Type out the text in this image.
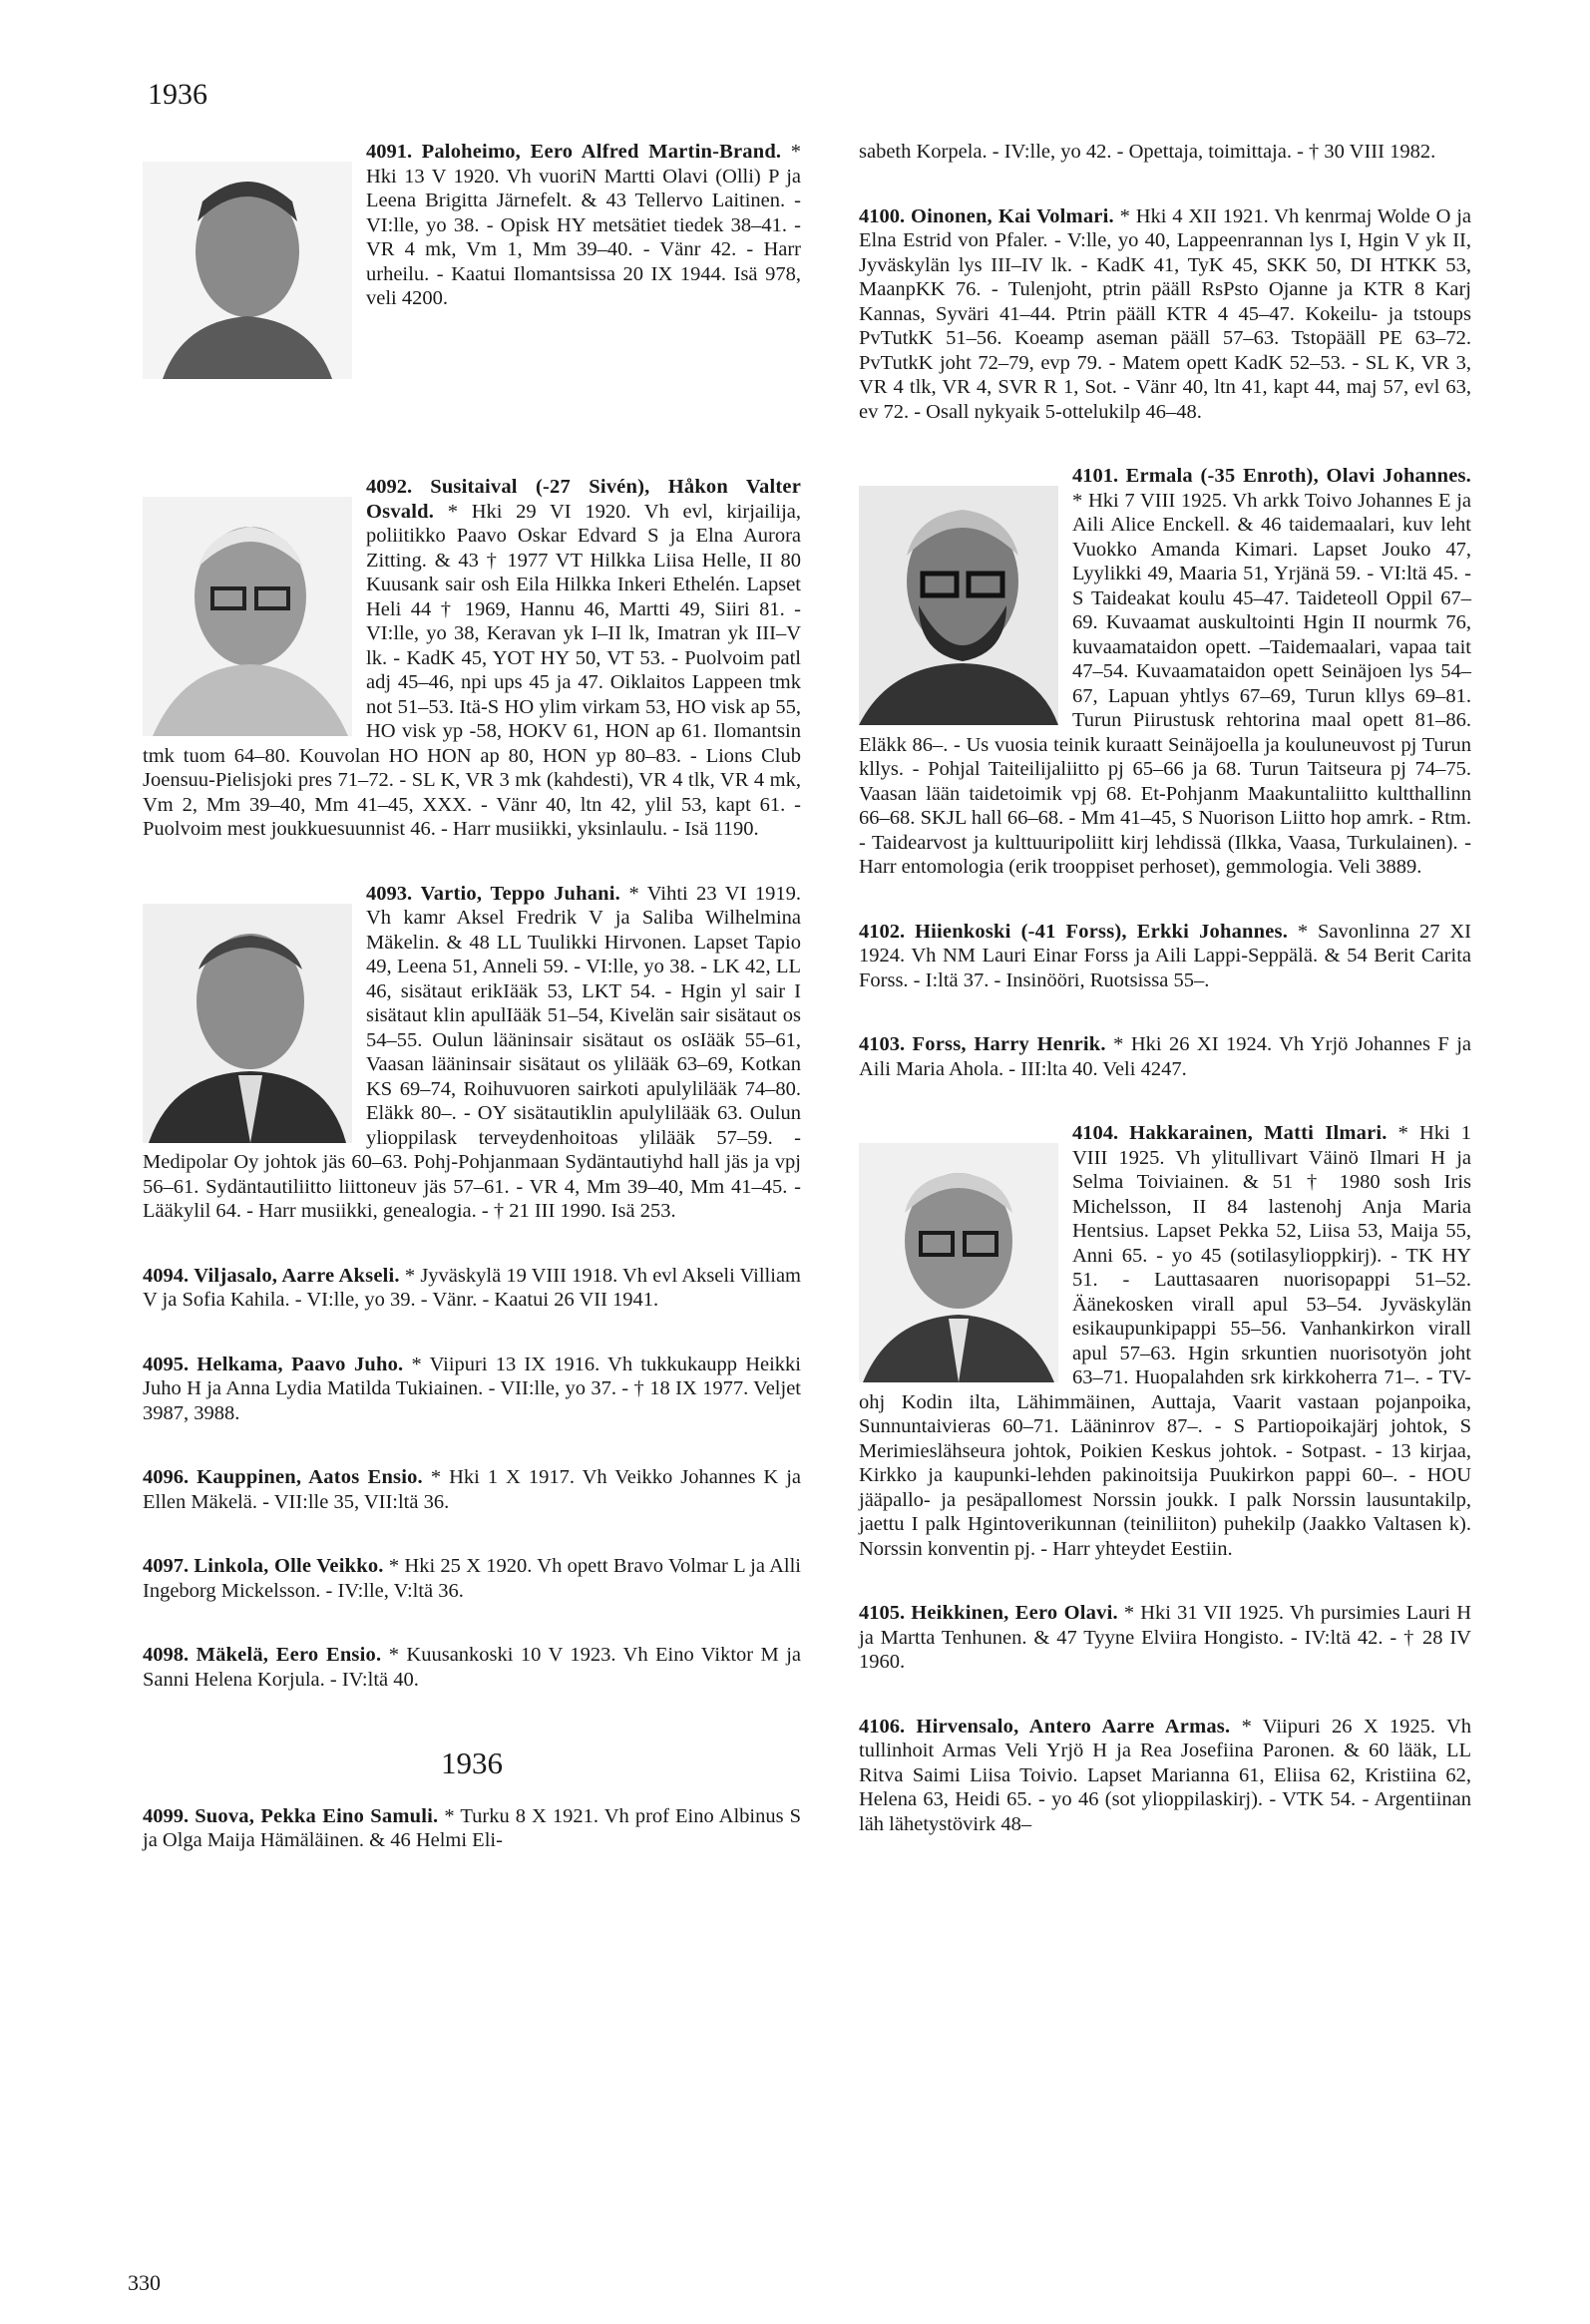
1936
4091. Paloheimo, Eero Alfred Martin-Brand. * Hki 13 V 1920. Vh vuoriN Martti Olavi (Olli) P ja Leena Brigitta Järnefelt. & 43 Tellervo Laitinen. - VI:lle, yo 38. - Opisk HY metsätiet tiedek 38–41. - VR 4 mk, Vm 1, Mm 39–40. - Vänr 42. - Harr urheilu. - Kaatui Ilomantsissa 20 IX 1944. Isä 978, veli 4200.
4092. Susitaival (-27 Sivén), Håkon Valter Osvald. * Hki 29 VI 1920. Vh evl, kirjailija, poliitikko Paavo Oskar Edvard S ja Elna Aurora Zitting. & 43 † 1977 VT Hilkka Liisa Helle, II 80 Kuusank sair osh Eila Hilkka Inkeri Ethelén. Lapset Heli 44 † 1969, Hannu 46, Martti 49, Siiri 81. - VI:lle, yo 38, Keravan yk I–II lk, Imatran yk III–V lk. - KadK 45, YOT HY 50, VT 53. - Puolvoim patl adj 45–46, npi ups 45 ja 47. Oiklaitos Lappeen tmk not 51–53. Itä-S HO ylim virkam 53, HO visk ap 55, HO visk yp -58, HOKV 61, HON ap 61. Ilomantsin tmk tuom 64–80. Kouvolan HO HON ap 80, HON yp 80–83. - Lions Club Joensuu-Pielisjoki pres 71–72. - SL K, VR 3 mk (kahdesti), VR 4 tlk, VR 4 mk, Vm 2, Mm 39–40, Mm 41–45, XXX. - Vänr 40, ltn 42, ylil 53, kapt 61. - Puolvoim mest joukkuesuunnist 46. - Harr musiikki, yksinlaulu. - Isä 1190.
4093. Vartio, Teppo Juhani. * Vihti 23 VI 1919. Vh kamr Aksel Fredrik V ja Saliba Wilhelmina Mäkelin. & 48 LL Tuulikki Hirvonen. Lapset Tapio 49, Leena 51, Anneli 59. - VI:lle, yo 38. - LK 42, LL 46, sisätaut erikIääk 53, LKT 54. - Hgin yl sair I sisätaut klin apulIääk 51–54, Kivelän sair sisätaut os 54–55. Oulun lääninsair sisätaut os osIääk 55–61, Vaasan lääninsair sisätaut os ylilääk 63–69, Kotkan KS 69–74, Roihuvuoren sairkoti apulylilääk 74–80. Eläkk 80–. - OY sisätautiklin apulylilääk 63. Oulun ylioppilask terveydenhoitoas ylilääk 57–59. - Medipolar Oy johtok jäs 60–63. Pohj-Pohjanmaan Sydäntautiyhd hall jäs ja vpj 56–61. Sydäntautiliitto liittoneuv jäs 57–61. - VR 4, Mm 39–40, Mm 41–45. - Lääkylil 64. - Harr musiikki, genealogia. - † 21 III 1990. Isä 253.
4094. Viljasalo, Aarre Akseli. * Jyväskylä 19 VIII 1918. Vh evl Akseli Villiam V ja Sofia Kahila. - VI:lle, yo 39. - Vänr. - Kaatui 26 VII 1941.
4095. Helkama, Paavo Juho. * Viipuri 13 IX 1916. Vh tukkukaupp Heikki Juho H ja Anna Lydia Matilda Tukiainen. - VII:lle, yo 37. - † 18 IX 1977. Veljet 3987, 3988.
4096. Kauppinen, Aatos Ensio. * Hki 1 X 1917. Vh Veikko Johannes K ja Ellen Mäkelä. - VII:lle 35, VII:ltä 36.
4097. Linkola, Olle Veikko. * Hki 25 X 1920. Vh opett Bravo Volmar L ja Alli Ingeborg Mickelsson. - IV:lle, V:ltä 36.
4098. Mäkelä, Eero Ensio. * Kuusankoski 10 V 1923. Vh Eino Viktor M ja Sanni Helena Korjula. - IV:ltä 40.
1936
4099. Suova, Pekka Eino Samuli. * Turku 8 X 1921. Vh prof Eino Albinus S ja Olga Maija Hämäläinen. & 46 Helmi Eli-
sabeth Korpela. - IV:lle, yo 42. - Opettaja, toimittaja. - † 30 VIII 1982.
4100. Oinonen, Kai Volmari. * Hki 4 XII 1921. Vh kenrmaj Wolde O ja Elna Estrid von Pfaler. - V:lle, yo 40, Lappeenrannan lys I, Hgin V yk II, Jyväskylän lys III–IV lk. - KadK 41, TyK 45, SKK 50, DI HTKK 53, MaanpKK 76. - Tulenjoht, ptrin pääll RsPsto Ojanne ja KTR 8 Karj Kannas, Syväri 41–44. Ptrin pääll KTR 4 45–47. Kokeilu- ja tstoups PvTutkK 51–56. Koeamp aseman pääll 57–63. Tstopääll PE 63–72. PvTutkK joht 72–79, evp 79. - Matem opett KadK 52–53. - SL K, VR 3, VR 4 tlk, VR 4, SVR R 1, Sot. - Vänr 40, ltn 41, kapt 44, maj 57, evl 63, ev 72. - Osall nykyaik 5-ottelukilp 46–48.
4101. Ermala (-35 Enroth), Olavi Johannes. * Hki 7 VIII 1925. Vh arkk Toivo Johannes E ja Aili Alice Enckell. & 46 taidemaalari, kuv leht Vuokko Amanda Kimari. Lapset Jouko 47, Lyylikki 49, Maaria 51, Yrjänä 59. - VI:ltä 45. - S Taideakat koulu 45–47. Taideteoll Oppil 67–69. Kuvaamat auskultointi Hgin II nourmk 76, kuvaamataidon opett. –Taidemaalari, vapaa tait 47–54. Kuvaamataidon opett Seinäjoen lys 54–67, Lapuan yhtlys 67–69, Turun kllys 69–81. Turun Piirustusk rehtorina maal opett 81–86. Eläkk 86–. - Us vuosia teinik kuraatt Seinäjoella ja kouluneuvost pj Turun kllys. - Pohjal Taiteilijaliitto pj 65–66 ja 68. Turun Taitseura pj 74–75. Vaasan lään taidetoimik vpj 68. Et-Pohjanm Maakuntaliitto kultthallinn 66–68. SKJL hall 66–68. - Mm 41–45, S Nuorison Liitto hop amrk. - Rtm. - Taidearvost ja kulttuuripoliitt kirj lehdissä (Ilkka, Vaasa, Turkulainen). - Harr entomologia (erik trooppiset perhoset), gemmologia. Veli 3889.
4102. Hiienkoski (-41 Forss), Erkki Johannes. * Savonlinna 27 XI 1924. Vh NM Lauri Einar Forss ja Aili Lappi-Seppälä. & 54 Berit Carita Forss. - I:ltä 37. - Insinööri, Ruotsissa 55–.
4103. Forss, Harry Henrik. * Hki 26 XI 1924. Vh Yrjö Johannes F ja Aili Maria Ahola. - III:lta 40. Veli 4247.
4104. Hakkarainen, Matti Ilmari. * Hki 1 VIII 1925. Vh ylitullivart Väinö Ilmari H ja Selma Toiviainen. & 51 † 1980 sosh Iris Michelsson, II 84 lastenohj Anja Maria Hentsius. Lapset Pekka 52, Liisa 53, Maija 55, Anni 65. - yo 45 (sotilasylioppkirj). - TK HY 51. - Lauttasaaren nuorisopappi 51–52. Äänekosken virall apul 53–54. Jyväskylän esikaupunkipappi 55–56. Vanhankirkon virall apul 57–63. Hgin srkuntien nuorisotyön joht 63–71. Huopalahden srk kirkkoherra 71–. - TV-ohj Kodin ilta, Lähimmäinen, Auttaja, Vaarit vastaan pojanpoika, Sunnuntaivieras 60–71. Lääninrov 87–. - S Partiopoikajärj johtok, S Merimieslähseura johtok, Poikien Keskus johtok. - Sotpast. - 13 kirjaa, Kirkko ja kaupunki-lehden pakinoitsija Puukirkon pappi 60–. - HOU jääpallo- ja pesäpallomest Norssin joukk. I palk Norssin lausuntakilp, jaettu I palk Hgintoverikunnan (teiniliiton) puhekilp (Jaakko Valtasen k). Norssin konventin pj. - Harr yhteydet Eestiin.
4105. Heikkinen, Eero Olavi. * Hki 31 VII 1925. Vh pursimies Lauri H ja Martta Tenhunen. & 47 Tyyne Elviira Hongisto. - IV:ltä 42. - † 28 IV 1960.
4106. Hirvensalo, Antero Aarre Armas. * Viipuri 26 X 1925. Vh tullinhoit Armas Veli Yrjö H ja Rea Josefiina Paronen. & 60 lääk, LL Ritva Saimi Liisa Toivio. Lapset Marianna 61, Eliisa 62, Kristiina 62, Helena 63, Heidi 65. - yo 46 (sot ylioppilaskirj). - VTK 54. - Argentiinan läh lähetystövirk 48–
330
